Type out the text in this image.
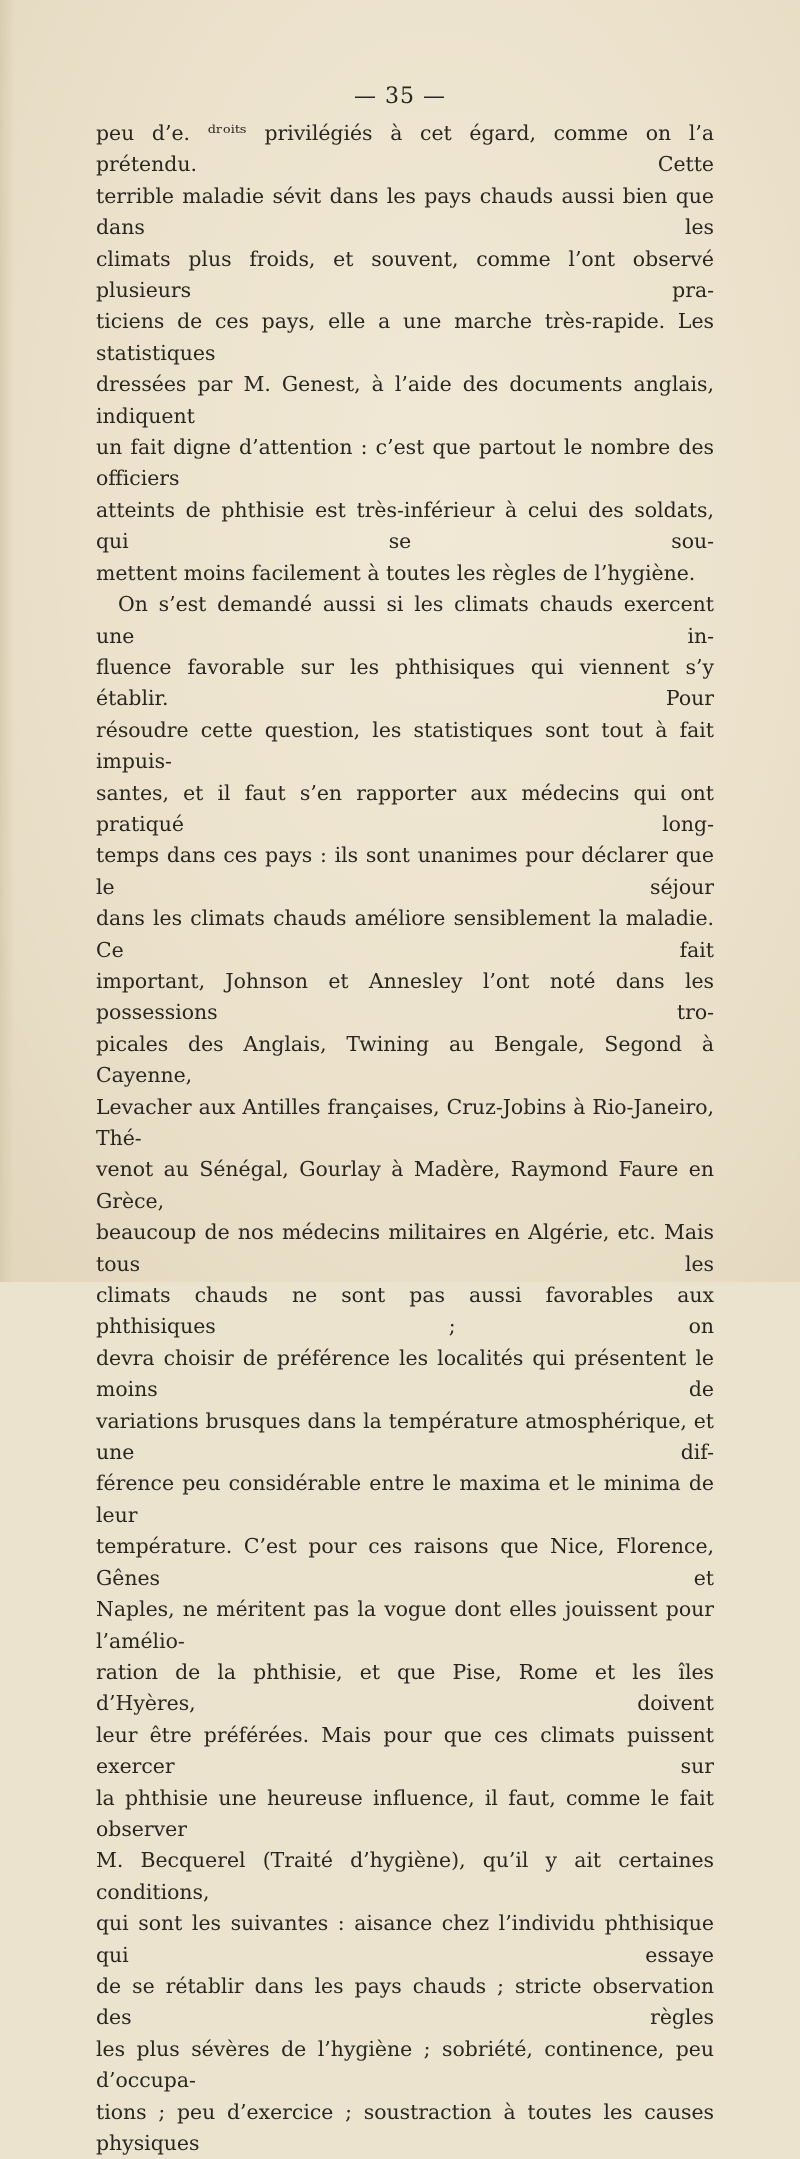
— 35 —
peu d’e. ᵈʳᵒⁱᵗˢ privilégiés à cet égard, comme on l’a prétendu. Cette
terrible maladie sévit dans les pays chauds aussi bien que dans les
climats plus froids, et souvent, comme l’ont observé plusieurs pra-
ticiens de ces pays, elle a une marche très-rapide. Les statistiques
dressées par M. Genest, à l’aide des documents anglais, indiquent
un fait digne d’attention : c’est que partout le nombre des officiers
atteints de phthisie est très-inférieur à celui des soldats, qui se sou-
mettent moins facilement à toutes les règles de l’hygiène.
On s’est demandé aussi si les climats chauds exercent une in-
fluence favorable sur les phthisiques qui viennent s’y établir. Pour
résoudre cette question, les statistiques sont tout à fait impuis-
santes, et il faut s’en rapporter aux médecins qui ont pratiqué long-
temps dans ces pays : ils sont unanimes pour déclarer que le séjour
dans les climats chauds améliore sensiblement la maladie. Ce fait
important, Johnson et Annesley l’ont noté dans les possessions tro-
picales des Anglais, Twining au Bengale, Segond à Cayenne,
Levacher aux Antilles françaises, Cruz-Jobins à Rio-Janeiro, Thé-
venot au Sénégal, Gourlay à Madère, Raymond Faure en Grèce,
beaucoup de nos médecins militaires en Algérie, etc. Mais tous les
climats chauds ne sont pas aussi favorables aux phthisiques ; on
devra choisir de préférence les localités qui présentent le moins de
variations brusques dans la température atmosphérique, et une dif-
férence peu considérable entre le maxima et le minima de leur
température. C’est pour ces raisons que Nice, Florence, Gênes et
Naples, ne méritent pas la vogue dont elles jouissent pour l’amélio-
ration de la phthisie, et que Pise, Rome et les îles d’Hyères, doivent
leur être préférées. Mais pour que ces climats puissent exercer sur
la phthisie une heureuse influence, il faut, comme le fait observer
M. Becquerel (Traité d’hygiène), qu’il y ait certaines conditions,
qui sont les suivantes : aisance chez l’individu phthisique qui essaye
de se rétablir dans les pays chauds ; stricte observation des règles
les plus sévères de l’hygiène ; sobriété, continence, peu d’occupa-
tions ; peu d’exercice ; soustraction à toutes les causes physiques
